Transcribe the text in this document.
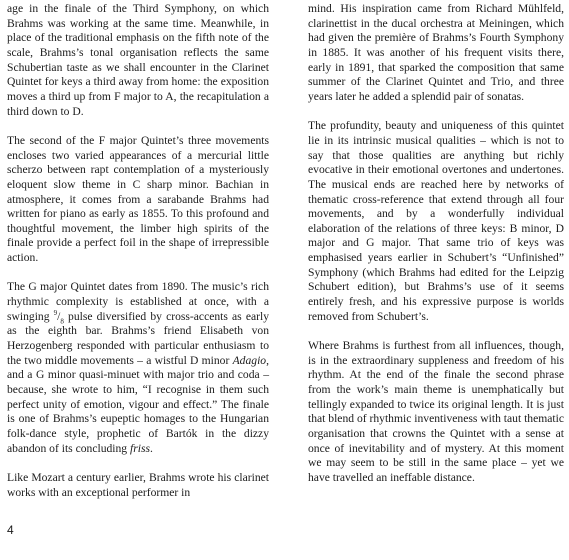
age in the finale of the Third Symphony, on which Brahms was working at the same time. Meanwhile, in place of the traditional emphasis on the fifth note of the scale, Brahms’s tonal organisation reflects the same Schubertian taste as we shall encounter in the Clarinet Quintet for keys a third away from home: the exposition moves a third up from F major to A, the recapitulation a third down to D.

The second of the F major Quintet’s three movements encloses two varied appearances of a mercurial little scherzo between rapt contemplation of a mysteriously eloquent slow theme in C sharp minor. Bachian in atmosphere, it comes from a sarabande Brahms had written for piano as early as 1855. To this profound and thoughtful movement, the limber high spirits of the finale provide a perfect foil in the shape of irrepressible action.

The G major Quintet dates from 1890. The music’s rich rhythmic complexity is established at once, with a swinging $^9/_8$ pulse diversified by cross-accents as early as the eighth bar. Brahms’s friend Elisabeth von Herzogenberg responded with particular enthusiasm to the two middle movements – a wistful D minor Adagio, and a G minor quasi-minuet with major trio and coda – because, she wrote to him, “I recognise in them such perfect unity of emotion, vigour and effect.” The finale is one of Brahms’s eupeptic homages to the Hungarian folk-dance style, prophetic of Bartók in the dizzy abandon of its concluding friss.

Like Mozart a century earlier, Brahms wrote his clarinet works with an exceptional performer in

mind. His inspiration came from Richard Mühlfeld, clarinettist in the ducal orchestra at Meiningen, which had given the première of Brahms’s Fourth Symphony in 1885. It was another of his frequent visits there, early in 1891, that sparked the composition that same summer of the Clarinet Quintet and Trio, and three years later he added a splendid pair of sonatas.

The profundity, beauty and uniqueness of this quintet lie in its intrinsic musical qualities – which is not to say that those qualities are anything but richly evocative in their emotional overtones and undertones. The musical ends are reached here by networks of thematic cross-reference that extend through all four movements, and by a wonderfully individual elaboration of the relations of three keys: B minor, D major and G major. That same trio of keys was emphasised years earlier in Schubert’s “Unfinished” Symphony (which Brahms had edited for the Leipzig Schubert edition), but Brahms’s use of it seems entirely fresh, and his expressive purpose is worlds removed from Schubert’s.

Where Brahms is furthest from all influences, though, is in the extraordinary suppleness and freedom of his rhythm. At the end of the finale the second phrase from the work’s main theme is unemphatically but tellingly expanded to twice its original length. It is just that blend of rhythmic inventiveness with taut thematic organisation that crowns the Quintet with a sense at once of inevitability and of mystery. At this moment we may seem to be still in the same place – yet we have travelled an ineffable distance.

4
